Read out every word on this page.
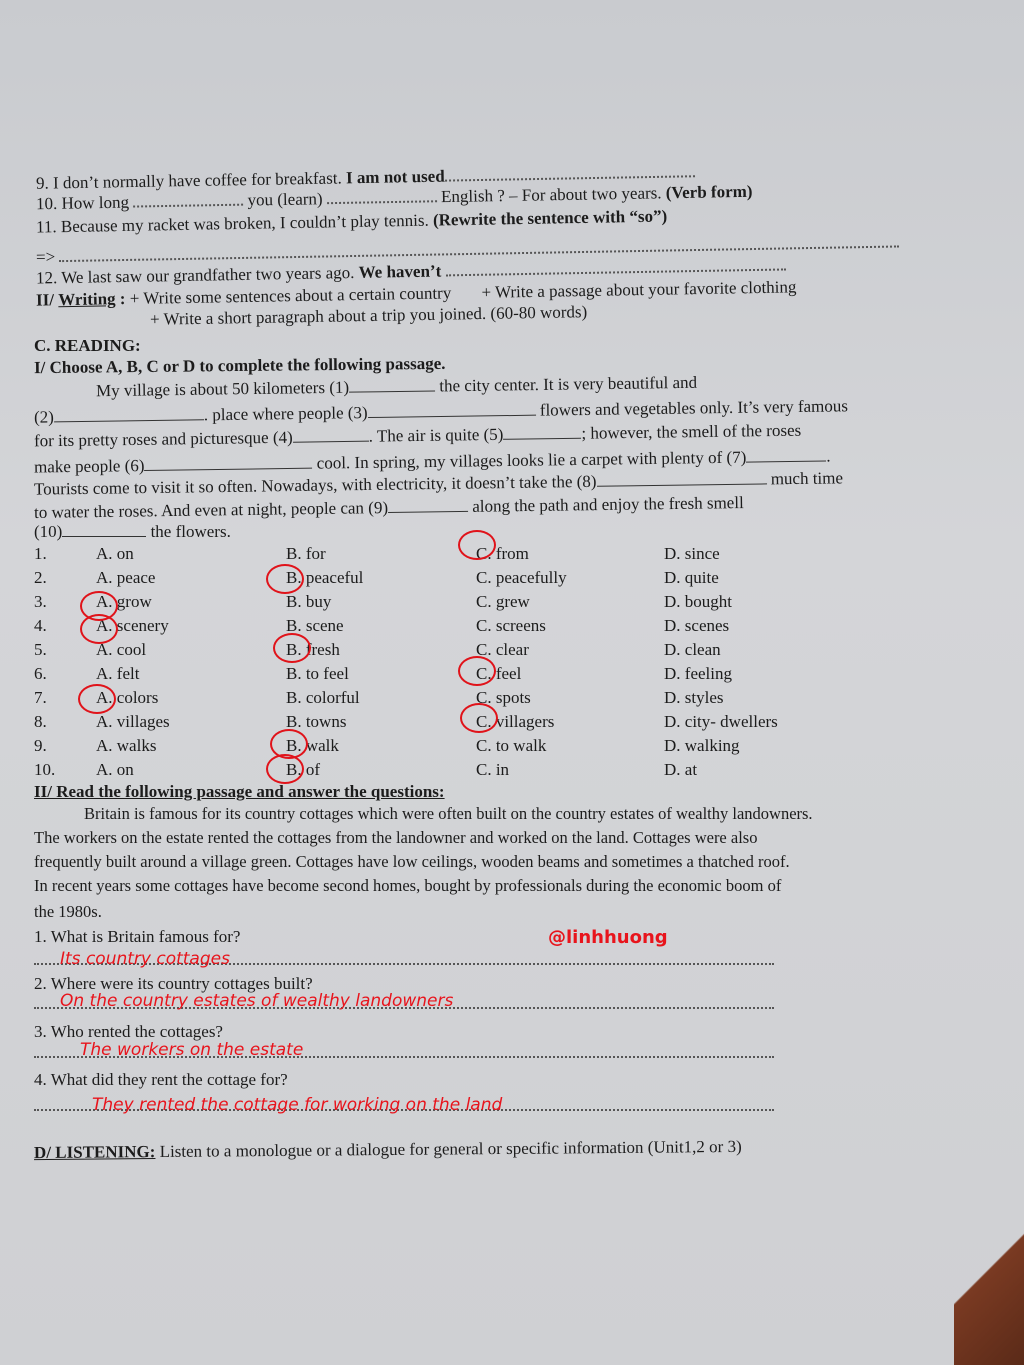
9. I don’t normally have coffee for breakfast. I am not used
10. How long	you (learn)	English ? – For about two years. (Verb form)
11. Because my racket was broken, I couldn’t play tennis. (Rewrite the sentence with “so”)
=>
12. We last saw our grandfather two years ago. We haven’t
II/ Writing : + Write some sentences about a certain country + Write a passage about your favorite clothing
+ Write a short paragraph about a trip you joined. (60-80 words)
C. READING:
I/ Choose A, B, C or D to complete the following passage.
My village is about 50 kilometers (1)	the city center. It is very beautiful and
(2)	. place where people (3)	flowers and vegetables only. It’s very famous
for its pretty roses and picturesque (4)	. The air is quite (5)	; however, the smell of the roses
make people (6)	cool. In spring, my villages looks lie a carpet with plenty of (7)	.
Tourists come to visit it so often. Nowadays, with electricity, it doesn’t take the (8)	much time
to water the roses. And even at night, people can (9)	along the path and enjoy the fresh smell
(10)	the flowers.
1.	A. on	B. for	C. from	D. since
2.	A. peace	B. peaceful	C. peacefully	D. quite
3.	A. grow	B. buy	C. grew	D. bought
4.	A. scenery	B. scene	C. screens	D. scenes
5.	A. cool	B. fresh	C. clear	D. clean
6.	A. felt	B. to feel	C. feel	D. feeling
7.	A. colors	B. colorful	C. spots	D. styles
8.	A. villages	B. towns	C. villagers	D. city- dwellers
9.	A. walks	B. walk	C. to walk	D. walking
10. A. on	B. of	C. in	D. at
II/ Read the following passage and answer the questions:
Britain is famous for its country cottages which were often built on the country estates of wealthy landowners.
The workers on the estate rented the cottages from the landowner and worked on the land. Cottages were also
frequently built around a village green. Cottages have low ceilings, wooden beams and sometimes a thatched roof.
In recent years some cottages have become second homes, bought by professionals during the economic boom of
the 1980s.
1. What is Britain famous for?	@linhhuong
Its country cottages
2. Where were its country cottages built?
On the country estates of wealthy landowners
3. Who rented the cottages?
The workers on the estate
4. What did they rent the cottage for?
They rented the cottage for working on the land
D/ LISTENING: Listen to a monologue or a dialogue for general or specific information (Unit1,2 or 3)
